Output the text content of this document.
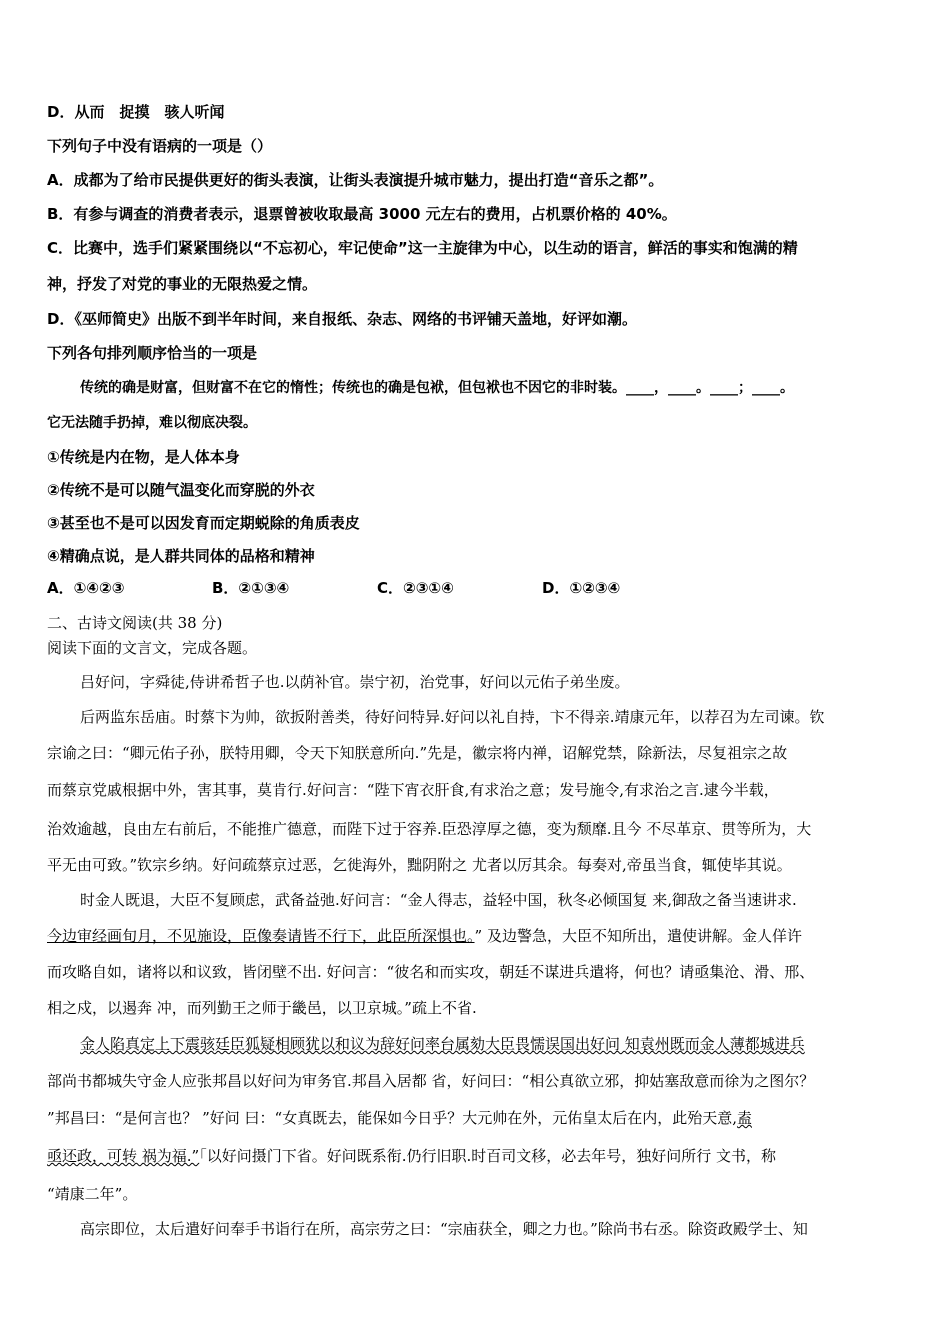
D．从而　捉摸　骇人听闻
下列句子中没有语病的一项是（）
A．成都为了给市民提供更好的街头表演，让街头表演提升城市魅力，提出打造“音乐之都”。
B．有参与调查的消费者表示，退票曾被收取最高 3000 元左右的费用，占机票价格的 40%。
C．比赛中，选手们紧紧围绕以“不忘初心，牢记使命”这一主旋律为中心，以生动的语言，鲜活的事实和饱满的精
神，抒发了对党的事业的无限热爱之情。
D．《巫师简史》出版不到半年时间，来自报纸、杂志、网络的书评铺天盖地，好评如潮。
下列各句排列顺序恰当的一项是
传统的确是财富，但财富不在它的惰性；传统也的确是包袱，但包袱也不因它的非时装。____，____。____；____。
它无法随手扔掉，难以彻底决裂。
①传统是内在物，是人体本身
②传统不是可以随气温变化而穿脱的外衣
③甚至也不是可以因发育而定期蜕除的角质表皮
④精确点说，是人群共同体的品格和精神
A．①④②③	B．②①③④	C．②③①④	D．①②③④
二、古诗文阅读(共 38 分)
阅读下面的文言文，完成各题。
吕好问，字舜徒,侍讲希哲子也.以荫补官。崇宁初，治党事，好问以元佑子弟坐废。
后两监东岳庙。时蔡卞为帅，欲扳附善类，待好问特异.好问以礼自持，卞不得亲.靖康元年，以荐召为左司谏。钦
宗谕之曰：“卿元佑子孙，朕特用卿，令天下知朕意所向.”先是，徽宗将内禅，诏解党禁，除新法，尽复祖宗之故
而蔡京党戚根据中外，害其事，莫肯行.好问言：“陛下宵衣肝食,有求治之意；发号施令,有求治之言.逮今半载，
治效逾越，良由左右前后，不能推广德意，而陛下过于容养.臣恐淳厚之德，变为颓靡.且今 不尽革京、贯等所为，大
平无由可致。”钦宗乡纳。好问疏蔡京过恶，乞徙海外，黜阴附之 尤者以厉其余。每奏对,帝虽当食，辄使毕其说。
时金人既退，大臣不复顾虑，武备益弛.好问言：“金人得志，益轻中国，秋冬必倾国复 来,御敌之备当速讲求.
今边审经画旬月，不见施设，臣像奏请皆不行下，此臣所深惧也。” 及边警急，大臣不知所出，遣使讲解。金人佯许
而攻略自如，诸将以和议致，皆闭壁不出. 好问言：“彼名和而实攻，朝廷不谋进兵遣将，何也？请亟集沧、滑、邢、
相之戍，以遏奔 冲，而列勤王之师于畿邑，以卫京城。”疏上不省.
金人陷真定上下震骇廷臣狐疑相顾犹以和议为辞好问率台属劾大臣畏懦误国出好问 知袁州既而金人薄都城进兵
部尚书都城失守金人应张邦昌以好问为审务官.邦昌入居都 省，好问曰：“相公真欲立邪，抑姑塞敌意而徐为之图尔？
”邦昌曰：“是何言也？ ”好问 曰：“女真既去，能保如今日乎？大元帅在外，元佑皇太后在内，此殆天意,盍
亟还政，可转 祸为福.”「以好问摄门下省。好问既系衔.仍行旧职.时百司文移，必去年号，独好问所行 文书，称
“靖康二年”。
高宗即位，太后遣好问奉手书诣行在所，高宗劳之曰：“宗庙获全，卿之力也。”除尚书右丞。除资政殿学士、知
